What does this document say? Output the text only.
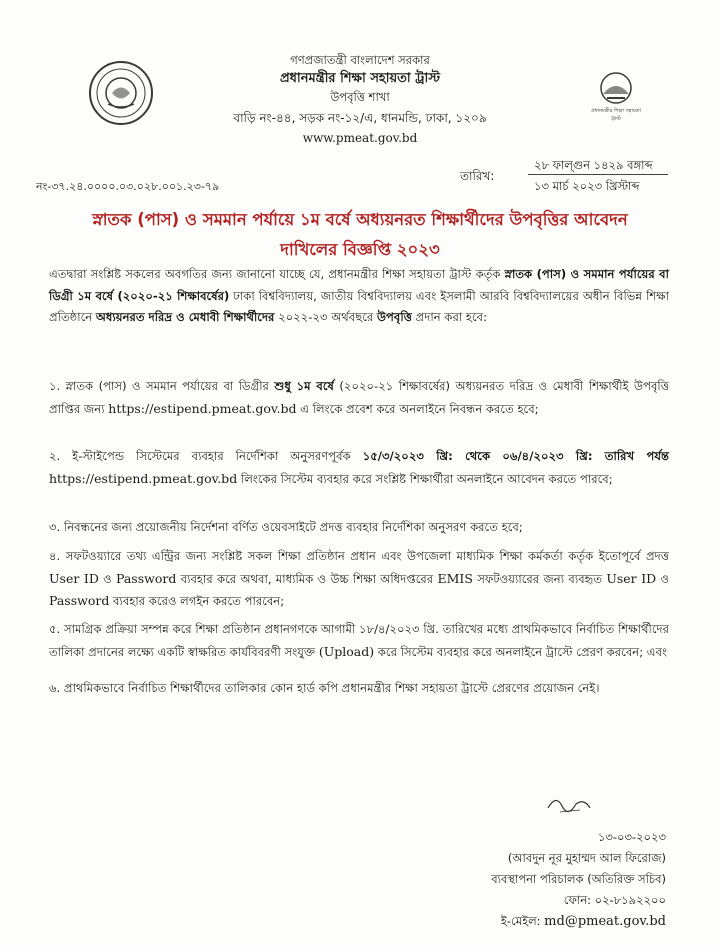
প্রধানমন্ত্রীর শিক্ষা সহায়তা ট্রাস্ট
গণপ্রজাতন্ত্রী বাংলাদেশ সরকার
প্রধানমন্ত্রীর শিক্ষা সহায়তা ট্রাস্ট
উপবৃত্তি শাখা
বাড়ি নং-৪৪, সড়ক নং-১২/এ, ধানমন্ডি, ঢাকা, ১২০৯
www.pmeat.gov.bd
নং-৩৭.২৪.০০০০.০৩.০২৮.০০১.২৩-৭৯
তারিখ:
২৮ ফাল্গুন ১৪২৯ বঙ্গাব্দ
১৩ মার্চ ২০২৩ খ্রিস্টাব্দ
স্নাতক (পাস) ও সমমান পর্যায়ে ১ম বর্ষে অধ্যয়নরত শিক্ষার্থীদের উপবৃত্তির আবেদন
দাখিলের বিজ্ঞপ্তি ২০২৩
এতদ্বারা সংশ্লিষ্ট সকলের অবগতির জন্য জানানো যাচ্ছে যে, প্রধানমন্ত্রীর শিক্ষা সহায়তা ট্রাস্ট কর্তৃক স্নাতক (পাস) ও সমমান পর্যায়ের বা ডিগ্রী ১ম বর্ষে (২০২০-২১ শিক্ষাবর্ষের) ঢাকা বিশ্ববিদ্যালয়, জাতীয় বিশ্ববিদ্যালয় এবং ইসলামী আরবি বিশ্ববিদ্যালয়ের অধীন বিভিন্ন শিক্ষা প্রতিষ্ঠানে অধ্যয়নরত দরিদ্র ও মেধাবী শিক্ষার্থীদের ২০২২-২৩ অর্থবছরে উপবৃত্তি প্রদান করা হবে:
১. স্নাতক (পাস) ও সমমান পর্যায়ের বা ডিগ্রীর শুধু ১ম বর্ষে (২০২০-২১ শিক্ষাবর্ষের) অধ্যয়নরত দরিদ্র ও মেধাবী শিক্ষার্থীই উপবৃত্তি প্রাপ্তির জন্য https://estipend.pmeat.gov.bd এ লিংকে প্রবেশ করে অনলাইনে নিবন্ধন করতে হবে;
২. ই-স্টাইপেন্ড সিস্টেমের ব্যবহার নির্দেশিকা অনুসরণপূর্বক ১৫/৩/২০২৩ খ্রি: থেকে ০৬/৪/২০২৩ খ্রি: তারিখ পর্যন্ত https://estipend.pmeat.gov.bd লিংকের সিস্টেম ব্যবহার করে সংশ্লিষ্ট শিক্ষার্থীরা অনলাইনে আবেদন করতে পারবে;
৩. নিবন্ধনের জন্য প্রয়োজনীয় নির্দেশনা বর্ণিত ওয়েবসাইটে প্রদত্ত ব্যবহার নির্দেশিকা অনুসরণ করতে হবে;
৪. সফটওয়্যারে তথ্য এন্ট্রির জন্য সংশ্লিষ্ট সকল শিক্ষা প্রতিষ্ঠান প্রধান এবং উপজেলা মাধ্যমিক শিক্ষা কর্মকর্তা কর্তৃক ইতোপূর্বে প্রদত্ত User ID ও Password ব্যবহার করে অথবা, মাধ্যমিক ও উচ্চ শিক্ষা অধিদপ্তরের EMIS সফটওয়্যারের জন্য ব্যবহৃত User ID ও Password ব্যবহার করেও লগইন করতে পারবেন;
৫. সামগ্রিক প্রক্রিয়া সম্পন্ন করে শিক্ষা প্রতিষ্ঠান প্রধানগণকে আগামী ১৮/৪/২০২৩ খ্রি. তারিখের মধ্যে প্রাথমিকভাবে নির্বাচিত শিক্ষার্থীদের তালিকা প্রদানের লক্ষ্যে একটি স্বাক্ষরিত কার্যবিবরণী সংযুক্ত (Upload) করে সিস্টেম ব্যবহার করে অনলাইনে ট্রাস্টে প্রেরণ করবেন; এবং
৬. প্রাথমিকভাবে নির্বাচিত শিক্ষার্থীদের তালিকার কোন হার্ড কপি প্রধানমন্ত্রীর শিক্ষা সহায়তা ট্রাস্টে প্রেরণের প্রয়োজন নেই।
১৩-০৩-২০২৩
(আবদুন নূর মুহাম্মদ আল ফিরোজ)
ব্যবস্থাপনা পরিচালক (অতিরিক্ত সচিব)
ফোন: ০২-৮১৯২২০০
ই-মেইল: md@pmeat.gov.bd
